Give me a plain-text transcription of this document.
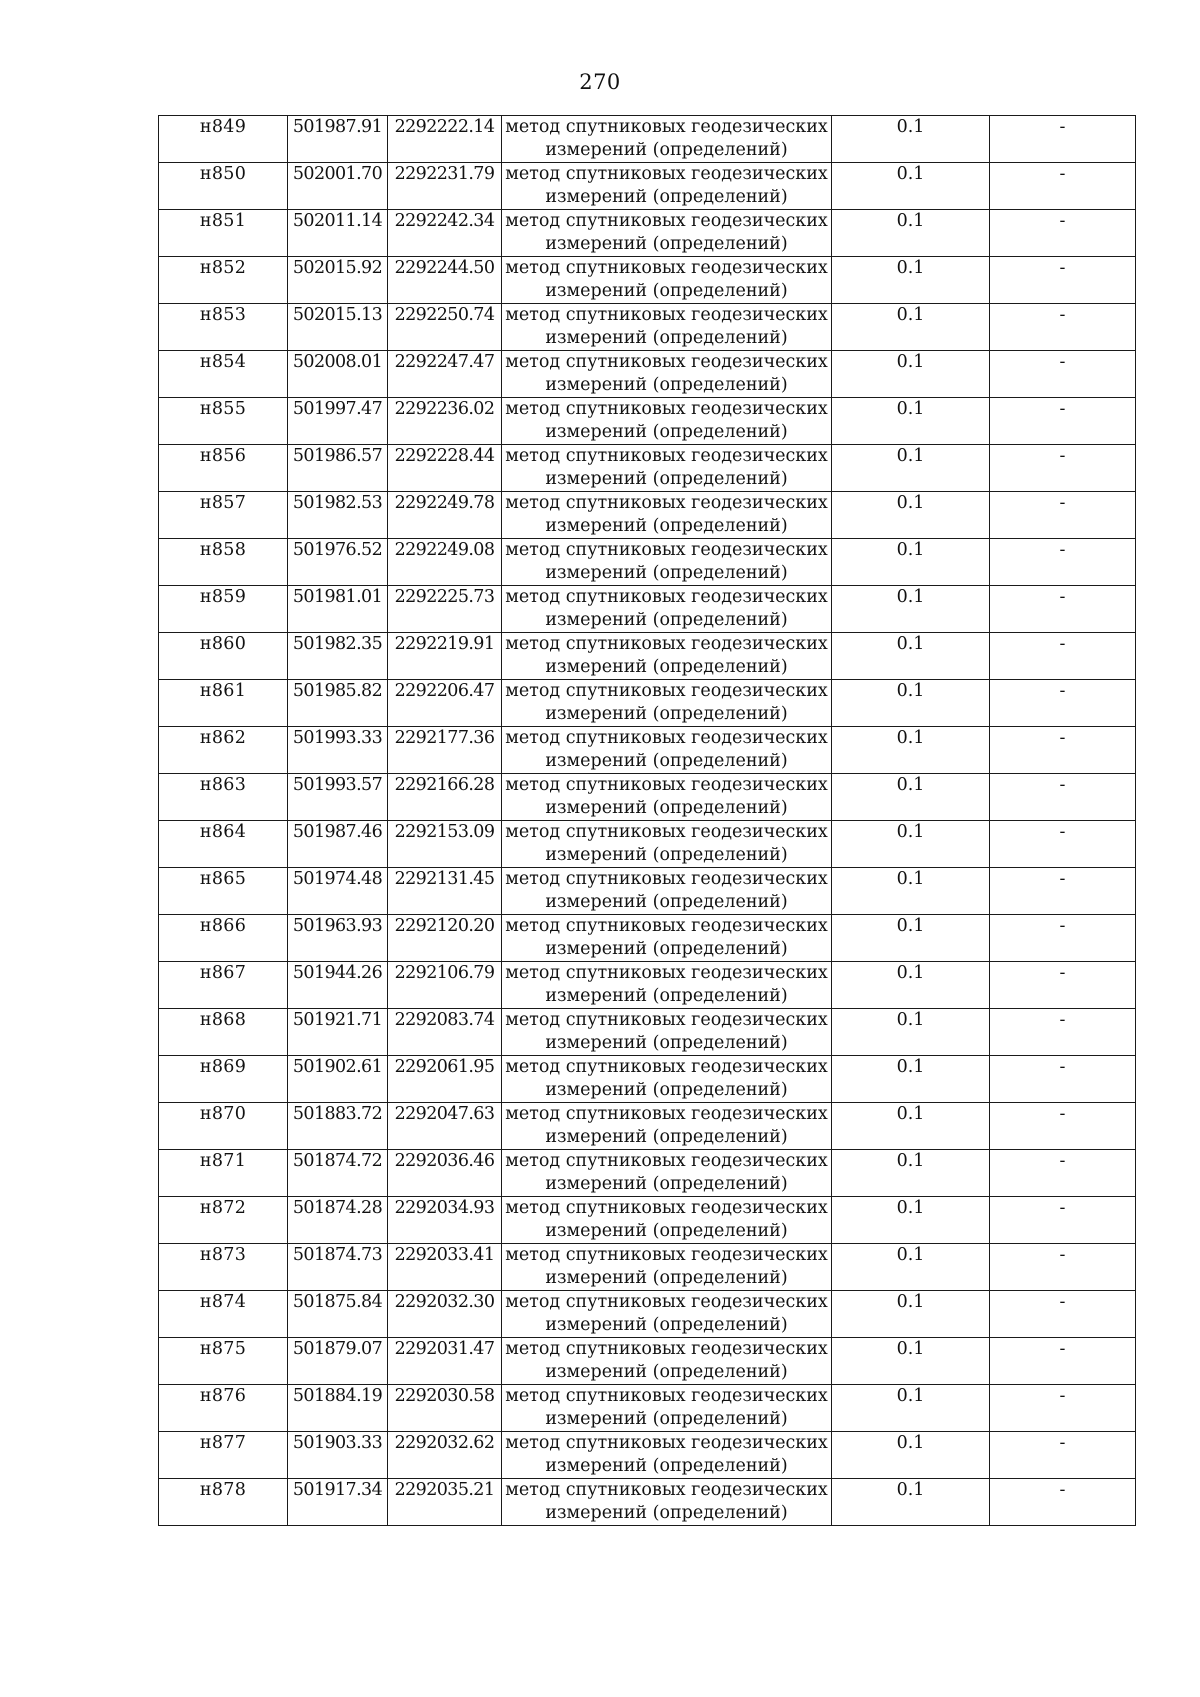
270
н849	501987.91	2292222.14	метод спутниковых геодезических
измерений (определений)	0.1	-
н850	502001.70	2292231.79	метод спутниковых геодезических
измерений (определений)	0.1	-
н851	502011.14	2292242.34	метод спутниковых геодезических
измерений (определений)	0.1	-
н852	502015.92	2292244.50	метод спутниковых геодезических
измерений (определений)	0.1	-
н853	502015.13	2292250.74	метод спутниковых геодезических
измерений (определений)	0.1	-
н854	502008.01	2292247.47	метод спутниковых геодезических
измерений (определений)	0.1	-
н855	501997.47	2292236.02	метод спутниковых геодезических
измерений (определений)	0.1	-
н856	501986.57	2292228.44	метод спутниковых геодезических
измерений (определений)	0.1	-
н857	501982.53	2292249.78	метод спутниковых геодезических
измерений (определений)	0.1	-
н858	501976.52	2292249.08	метод спутниковых геодезических
измерений (определений)	0.1	-
н859	501981.01	2292225.73	метод спутниковых геодезических
измерений (определений)	0.1	-
н860	501982.35	2292219.91	метод спутниковых геодезических
измерений (определений)	0.1	-
н861	501985.82	2292206.47	метод спутниковых геодезических
измерений (определений)	0.1	-
н862	501993.33	2292177.36	метод спутниковых геодезических
измерений (определений)	0.1	-
н863	501993.57	2292166.28	метод спутниковых геодезических
измерений (определений)	0.1	-
н864	501987.46	2292153.09	метод спутниковых геодезических
измерений (определений)	0.1	-
н865	501974.48	2292131.45	метод спутниковых геодезических
измерений (определений)	0.1	-
н866	501963.93	2292120.20	метод спутниковых геодезических
измерений (определений)	0.1	-
н867	501944.26	2292106.79	метод спутниковых геодезических
измерений (определений)	0.1	-
н868	501921.71	2292083.74	метод спутниковых геодезических
измерений (определений)	0.1	-
н869	501902.61	2292061.95	метод спутниковых геодезических
измерений (определений)	0.1	-
н870	501883.72	2292047.63	метод спутниковых геодезических
измерений (определений)	0.1	-
н871	501874.72	2292036.46	метод спутниковых геодезических
измерений (определений)	0.1	-
н872	501874.28	2292034.93	метод спутниковых геодезических
измерений (определений)	0.1	-
н873	501874.73	2292033.41	метод спутниковых геодезических
измерений (определений)	0.1	-
н874	501875.84	2292032.30	метод спутниковых геодезических
измерений (определений)	0.1	-
н875	501879.07	2292031.47	метод спутниковых геодезических
измерений (определений)	0.1	-
н876	501884.19	2292030.58	метод спутниковых геодезических
измерений (определений)	0.1	-
н877	501903.33	2292032.62	метод спутниковых геодезических
измерений (определений)	0.1	-
н878	501917.34	2292035.21	метод спутниковых геодезических
измерений (определений)	0.1	-
